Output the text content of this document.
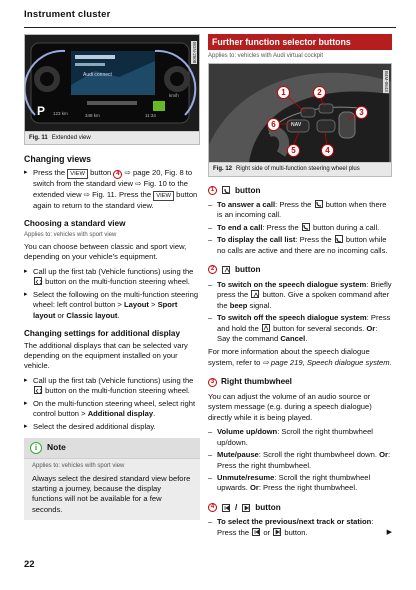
Instrument cluster
P
Audi connect
123 km	348 km	11:34
km/h
BGN-2508
Fig. 11 Extended view
Changing views
▸ Press the VIEW button 4 ⇨ page 20, Fig. 8 to switch from the standard view ⇨ Fig. 10 to the extended view ⇨ Fig. 11. Press the VIEW button again to return to the standard view.
Choosing a standard view
Applies to: vehicles with sport view

You can choose between classic and sport view, depending on your vehicle's equipment.

▸ Call up the first tab (Vehicle functions) using the
button on the multi-function steering wheel.
▸ Select the following on the multi-function steering wheel: left control button > Layout > Sport layout or Classic layout.
Changing settings for additional display

The additional displays that can be selected vary depending on the equipment installed on your vehicle.

▸ Call up the first tab (Vehicle functions) using the
button on the multi-function steering wheel.
▸ On the multi-function steering wheel, select right control button > Additional display.
▸ Select the desired additional display.
i	Note
Applies to: vehicles with sport view
Always select the desired standard view before starting a journey, because the display functions will not be available for a few seconds.
Further function selector buttons
Applies to: vehicles with Audi virtual cockpit
NAV
1	2
3
6
5	4
B4M-0643
Fig. 12 Right side of multi-function steering wheel plus
1	button
– To answer a call: Press the button when there is an incoming call.
– To end a call: Press the button during a call.
– To display the call list: Press the button while no calls are active and there are no incoming calls.
2	button
– To switch on the speech dialogue system: Briefly press the button. Give a spoken command after the beep signal.
– To switch off the speech dialogue system: Press and hold the button for several seconds. Or: Say the command Cancel.

For more information about the speech dialogue system, refer to ⇨ page 219, Speech dialogue system.

3 Right thumbwheel

You can adjust the volume of an audio source or system message (e.g. during a speech dialogue) directly while it is being played.

– Volume up/down: Scroll the right thumbwheel up/down.
– Mute/pause: Scroll the right thumbwheel down. Or: Press the right thumbwheel.
– Unmute/resume: Scroll the right thumbwheel upwards. Or: Press the right thumbwheel.
4	/ button
– To select the previous/next track or station: Press the or button.	▶
22
